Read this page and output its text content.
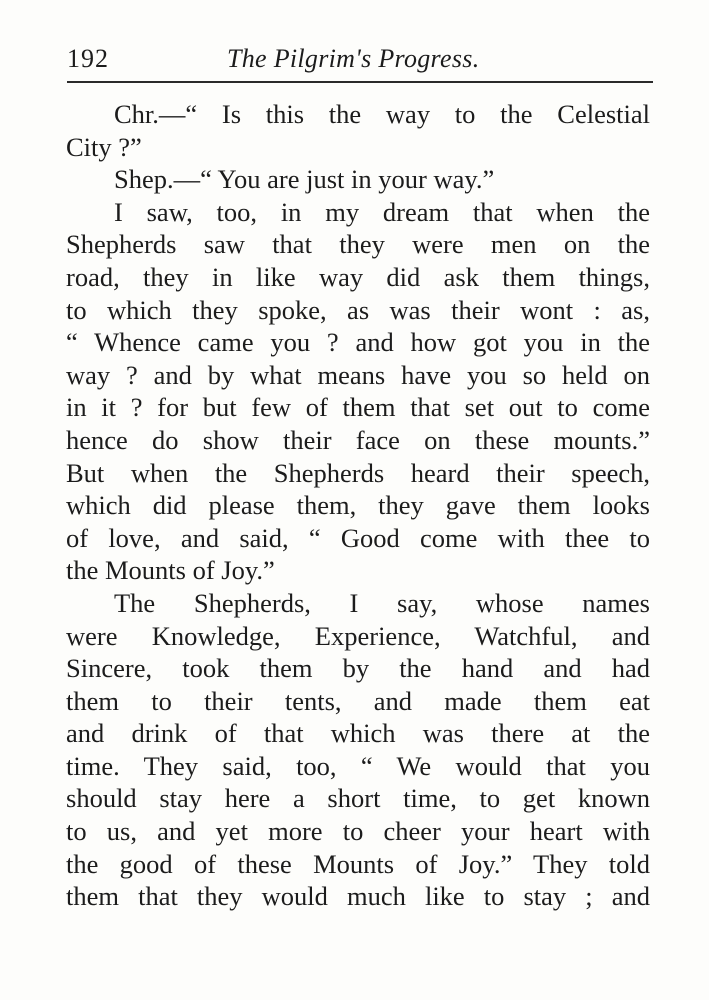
192	The Pilgrim's Progress.
Chr.—“ Is this the way to the Celestial
City ?”
Shep.—“ You are just in your way.”
I saw, too, in my dream that when the
Shepherds saw that they were men on the
road, they in like way did ask them things,
to which they spoke, as was their wont : as,
“ Whence came you ? and how got you in the
way ? and by what means have you so held on
in it ? for but few of them that set out to come
hence do show their face on these mounts.”
But when the Shepherds heard their speech,
which did please them, they gave them looks
of love, and said, “ Good come with thee to
the Mounts of Joy.”
The Shepherds, I say, whose names
were Knowledge, Experience, Watchful, and
Sincere, took them by the hand and had
them to their tents, and made them eat
and drink of that which was there at the
time. They said, too, “ We would that you
should stay here a short time, to get known
to us, and yet more to cheer your heart with
the good of these Mounts of Joy.” They told
them that they would much like to stay ; and
